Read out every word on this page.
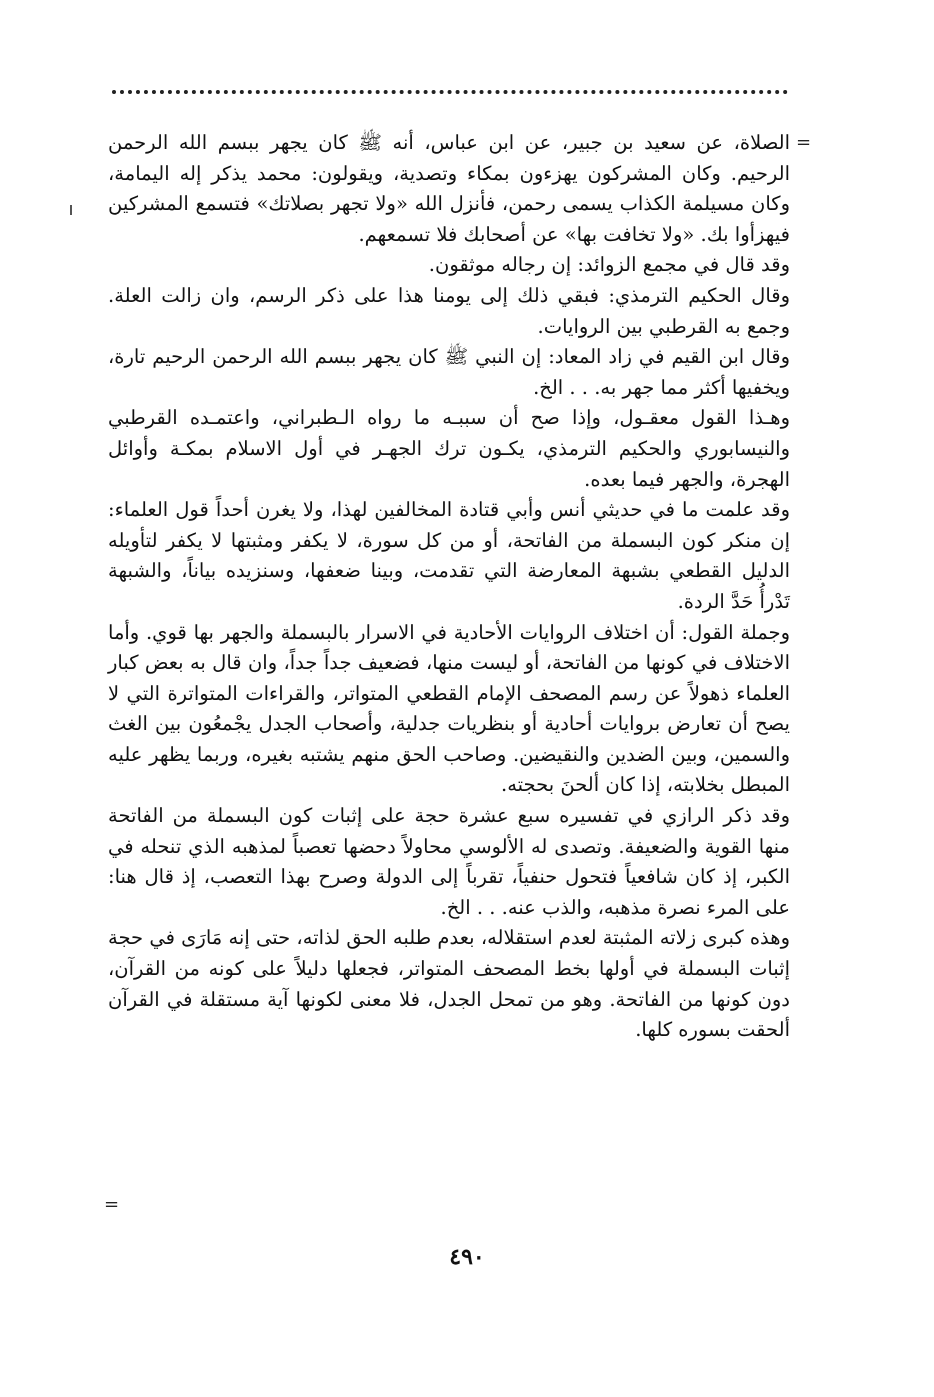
=

الصلاة، عن سعيد بن جبير، عن ابن عباس، أنه ﷺ كان يجهر ببسم الله الرحمن الرحيم. وكان المشركون يهزءون بمكاء وتصدية، ويقولون: محمد يذكر إله اليمامة، وكان مسيلمة الكذاب يسمى رحمن، فأنزل الله «ولا تجهر بصلاتك» فتسمع المشركين فيهزأوا بك. «ولا تخافت بها» عن أصحابك فلا تسمعهم.

وقد قال في مجمع الزوائد: إن رجاله موثقون.

وقال الحكيم الترمذي: فبقي ذلك إلى يومنا هذا على ذكر الرسم، وان زالت العلة. وجمع به القرطبي بين الروايات.

وقال ابن القيم في زاد المعاد: إن النبي ﷺ كان يجهر ببسم الله الرحمن الرحيم تارة، ويخفيها أكثر مما جهر به. . . الخ.

وهـذا القول معقـول، وإذا صح أن سببـه ما رواه الـطبراني، واعتمـده القرطبي والنيسابوري والحكيم الترمذي، يكـون ترك الجهـر في أول الاسلام بمكـة وأوائل الهجرة، والجهر فيما بعده.

وقد علمت ما في حديثي أنس وأبي قتادة المخالفين لهذا، ولا يغرن أحداً قول العلماء: إن منكر كون البسملة من الفاتحة، أو من كل سورة، لا يكفر ومثبتها لا يكفر لتأويله الدليل القطعي بشبهة المعارضة التي تقدمت، وبينا ضعفها، وسنزيده بياناً، والشبهة تَدْرأُ حَدَّ الردة.

وجملة القول: أن اختلاف الروايات الأحادية في الاسرار بالبسملة والجهر بها قوي. وأما الاختلاف في كونها من الفاتحة، أو ليست منها، فضعيف جداً جداً، وان قال به بعض كبار العلماء ذهولاً عن رسم المصحف الإمام القطعي المتواتر، والقراءات المتواترة التي لا يصح أن تعارض بروايات أحادية أو بنظريات جدلية، وأصحاب الجدل يجْمعُون بين الغث والسمين، وبين الضدين والنقيضين. وصاحب الحق منهم يشتبه بغيره، وربما يظهر عليه المبطل بخلابته، إذا كان ألحنَ بحجته.

وقد ذكر الرازي في تفسيره سبع عشرة حجة على إثبات كون البسملة من الفاتحة منها القوية والضعيفة. وتصدى له الألوسي محاولاً دحضها تعصباً لمذهبه الذي تنحله في الكبر، إذ كان شافعياً فتحول حنفياً، تقرباً إلى الدولة وصرح بهذا التعصب، إذ قال هنا: على المرء نصرة مذهبه، والذب عنه. . . الخ.

وهذه كبرى زلاته المثبتة لعدم استقلاله، بعدم طلبه الحق لذاته، حتى إنه مَارَى في حجة إثبات البسملة في أولها بخط المصحف المتواتر، فجعلها دليلاً على كونه من القرآن، دون كونها من الفاتحة. وهو من تمحل الجدل، فلا معنى لكونها آية مستقلة في القرآن ألحقت بسوره كلها.

=
٤٩٠
